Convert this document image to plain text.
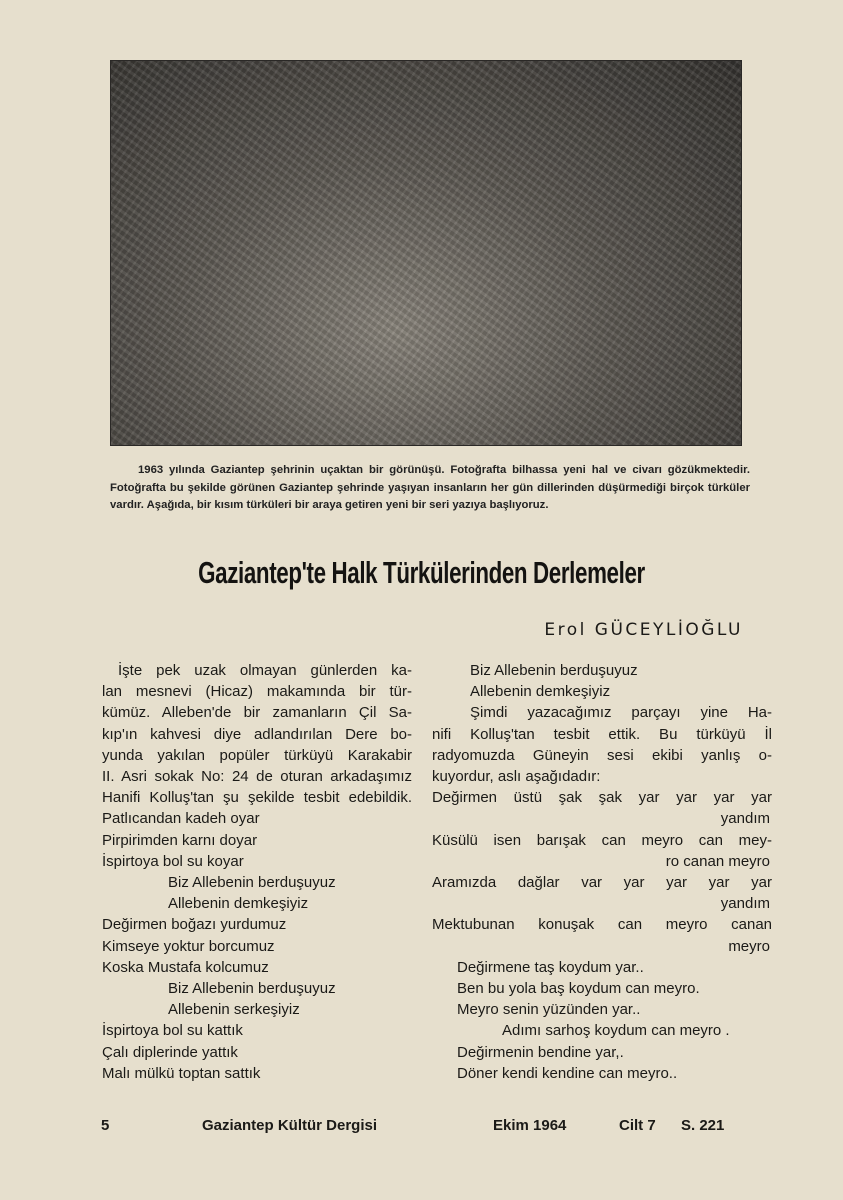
1963 yılında Gaziantep şehrinin uçaktan bir görünüşü. Fotoğrafta bilhassa yeni hal ve civarı gözükmektedir. Fotoğrafta bu şekilde görünen Gaziantep şehrinde yaşıyan insanların her gün dillerinden düşürmediği birçok türküler vardır. Aşağıda, bir kısım türküleri bir araya getiren yeni bir seri yazıya başlıyoruz.
Gaziantep'te Halk Türkülerinden Derlemeler
Erol GÜCEYLİOĞLU
İşte pek uzak olmayan günlerden ka-
lan mesnevi (Hicaz) makamında bir tür-
kümüz. Alleben'de bir zamanların Çil Sa-
kıp'ın kahvesi diye adlandırılan Dere bo-
yunda yakılan popüler türküyü Karakabir
II. Asri sokak No: 24 de oturan arkadaşımız
Hanifi Kolluş'tan şu şekilde tesbit edebildik.
Patlıcandan kadeh oyar
Pirpirimden karnı doyar
İspirtoya bol su koyar
Biz Allebenin berduşuyuz
Allebenin demkeşiyiz
Değirmen boğazı yurdumuz
Kimseye yoktur borcumuz
Koska Mustafa kolcumuz
Biz Allebenin berduşuyuz
Allebenin serkeşiyiz
İspirtoya bol su kattık
Çalı diplerinde yattık
Malı mülkü toptan sattık
Biz Allebenin berduşuyuz
Allebenin demkeşiyiz
Şimdi yazacağımız parçayı yine Ha-
nifi Kolluş'tan tesbit ettik. Bu türküyü İl
radyomuzda Güneyin sesi ekibi yanlış o-
kuyordur, aslı aşağıdadır:
Değirmen üstü şak şak yar yar yar yar
yandım
Küsülü isen barışak can meyro can mey-
ro canan meyro
Aramızda dağlar var yar yar yar yar
yandım
Mektubunan konuşak can meyro canan
meyro
Değirmene taş koydum yar..
Ben bu yola baş koydum can meyro.
Meyro senin yüzünden yar..
Adımı sarhoş koydum can meyro .
Değirmenin bendine yar,.
Döner kendi kendine can meyro..
5	Gaziantep Kültür Dergisi	Ekim 1964	Cilt 7 S. 221
